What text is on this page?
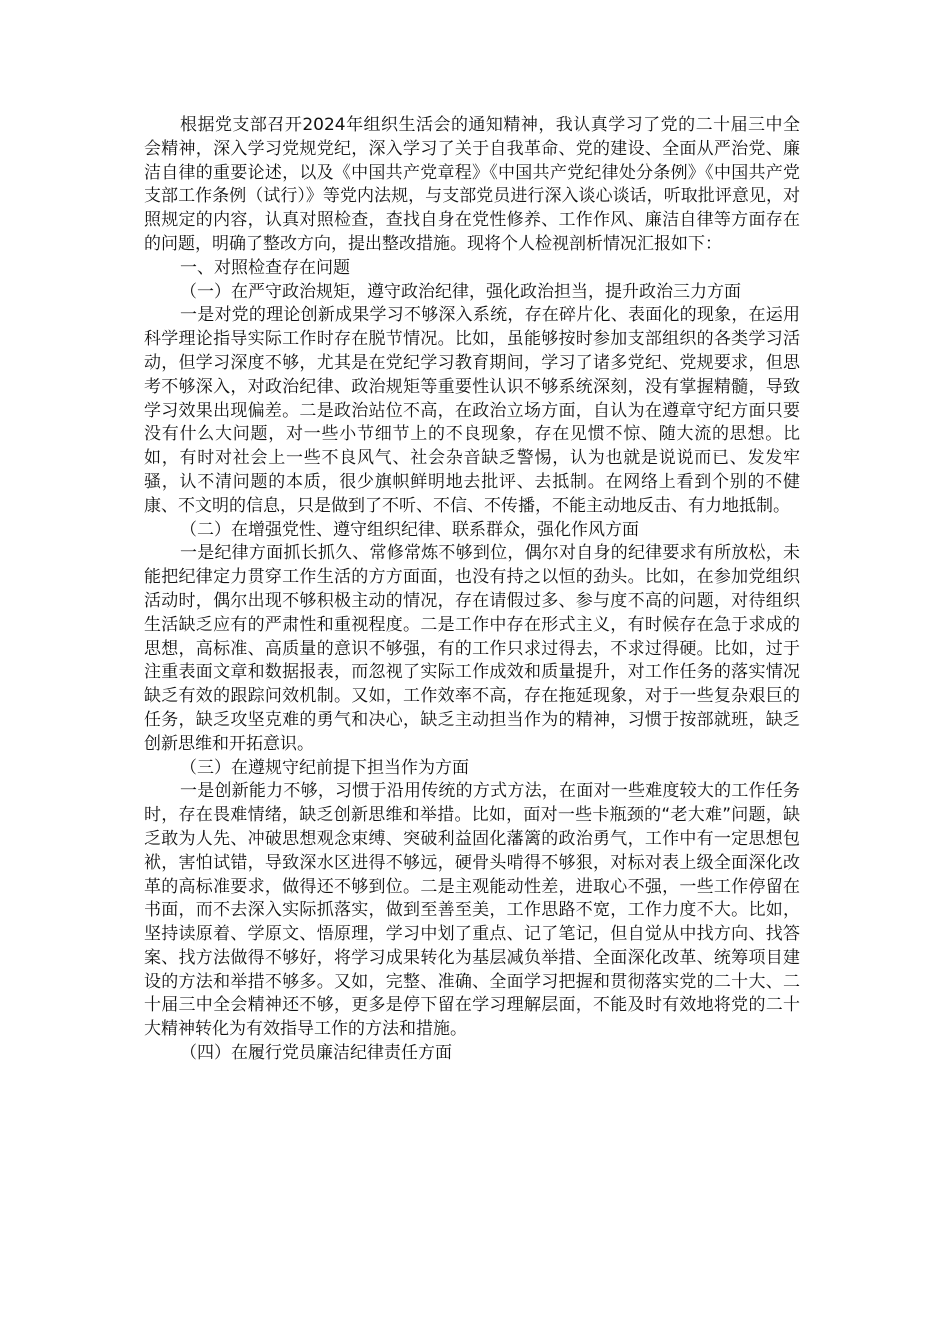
根据党支部召开2024年组织生活会的通知精神，我认真学习了党的二十届三中全会精神，深入学习党规党纪，深入学习了关于自我革命、党的建设、全面从严治党、廉洁自律的重要论述，以及《中国共产党章程》《中国共产党纪律处分条例》《中国共产党支部工作条例（试行）》等党内法规，与支部党员进行深入谈心谈话，听取批评意见，对照规定的内容，认真对照检查，查找自身在党性修养、工作作风、廉洁自律等方面存在的问题，明确了整改方向，提出整改措施。现将个人检视剖析情况汇报如下：

一、对照检查存在问题

（一）在严守政治规矩，遵守政治纪律，强化政治担当，提升政治三力方面

一是对党的理论创新成果学习不够深入系统，存在碎片化、表面化的现象，在运用科学理论指导实际工作时存在脱节情况。比如，虽能够按时参加支部组织的各类学习活动，但学习深度不够，尤其是在党纪学习教育期间，学习了诸多党纪、党规要求，但思考不够深入，对政治纪律、政治规矩等重要性认识不够系统深刻，没有掌握精髓，导致学习效果出现偏差。二是政治站位不高，在政治立场方面，自认为在遵章守纪方面只要没有什么大问题，对一些小节细节上的不良现象，存在见惯不惊、随大流的思想。比如，有时对社会上一些不良风气、社会杂音缺乏警惕，认为也就是说说而已、发发牢骚，认不清问题的本质，很少旗帜鲜明地去批评、去抵制。在网络上看到个别的不健康、不文明的信息，只是做到了不听、不信、不传播，不能主动地反击、有力地抵制。

（二）在增强党性、遵守组织纪律、联系群众，强化作风方面

一是纪律方面抓长抓久、常修常炼不够到位，偶尔对自身的纪律要求有所放松，未能把纪律定力贯穿工作生活的方方面面，也没有持之以恒的劲头。比如，在参加党组织活动时，偶尔出现不够积极主动的情况，存在请假过多、参与度不高的问题，对待组织生活缺乏应有的严肃性和重视程度。二是工作中存在形式主义，有时候存在急于求成的思想，高标准、高质量的意识不够强，有的工作只求过得去，不求过得硬。比如，过于注重表面文章和数据报表，而忽视了实际工作成效和质量提升，对工作任务的落实情况缺乏有效的跟踪问效机制。又如，工作效率不高，存在拖延现象，对于一些复杂艰巨的任务，缺乏攻坚克难的勇气和决心，缺乏主动担当作为的精神，习惯于按部就班，缺乏创新思维和开拓意识。

（三）在遵规守纪前提下担当作为方面

一是创新能力不够，习惯于沿用传统的方式方法，在面对一些难度较大的工作任务时，存在畏难情绪，缺乏创新思维和举措。比如，面对一些卡瓶颈的“老大难”问题，缺乏敢为人先、冲破思想观念束缚、突破利益固化藩篱的政治勇气，工作中有一定思想包袱，害怕试错，导致深水区进得不够远，硬骨头啃得不够狠，对标对表上级全面深化改革的高标准要求，做得还不够到位。二是主观能动性差，进取心不强，一些工作停留在书面，而不去深入实际抓落实，做到至善至美，工作思路不宽，工作力度不大。比如，坚持读原着、学原文、悟原理，学习中划了重点、记了笔记，但自觉从中找方向、找答案、找方法做得不够好，将学习成果转化为基层减负举措、全面深化改革、统筹项目建设的方法和举措不够多。又如，完整、准确、全面学习把握和贯彻落实党的二十大、二十届三中全会精神还不够，更多是停下留在学习理解层面，不能及时有效地将党的二十大精神转化为有效指导工作的方法和措施。

（四）在履行党员廉洁纪律责任方面
